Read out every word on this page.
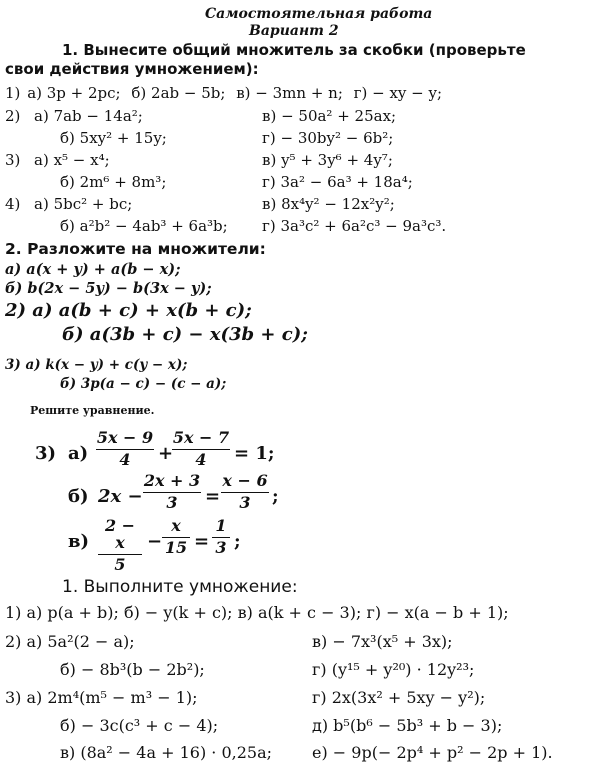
Самостоятельная работа
Вариант 2
1. Вынесите общий множитель за скобки (проверьте
свои действия умножением):
1) а) 3p + 2pc; б) 2ab − 5b; в) − 3mn + n; г) − xy − y;
2) а) 7ab − 14a²;	в) − 50a² + 25ax;
б) 5xy² + 15y;	г) − 30by² − 6b²;
3) а) x⁵ − x⁴;	в) y⁵ + 3y⁶ + 4y⁷;
б) 2m⁶ + 8m³;	г) 3a² − 6a³ + 18a⁴;
4) а) 5bc² + bc;	в) 8x⁴y² − 12x²y²;
б) a²b² − 4ab³ + 6a³b; г) 3a³c² + 6a²c³ − 9a³c³.
2. Разложите на множители:
а) a(x + y) + a(b − x);
б) b(2x − 5y) − b(3x − y);
2) а) a(b + c) + x(b + c);
б) a(3b + c) − x(3b + c);
3) а) k(x − y) + c(y − x);
б) 3p(a − c) − (c − a);
Решите уравнение.
3) а)
5x − 9
4	+
5x − 7
4	= 1;
б) 2x −
2x + 3
3	=
x − 6
3	;
в)
2 − x
5
−
x
15 =
1
3 ;
1. Выполните умножение:
1) а) p(a + b); б) − y(k + c); в) a(k + c − 3); г) − x(a − b + 1);
2) а) 5a²(2 − a);	в) − 7x³(x⁵ + 3x);
б) − 8b³(b − 2b²);	г) (y¹⁵ + y²⁰) · 12y²³;
3) а) 2m⁴(m⁵ − m³ − 1);	г) 2x(3x² + 5xy − y²);
б) − 3c(c³ + c − 4);	д) b⁵(b⁶ − 5b³ + b − 3);
в) (8a² − 4a + 16) · 0,25a;	е) − 9p(− 2p⁴ + p² − 2p + 1).
